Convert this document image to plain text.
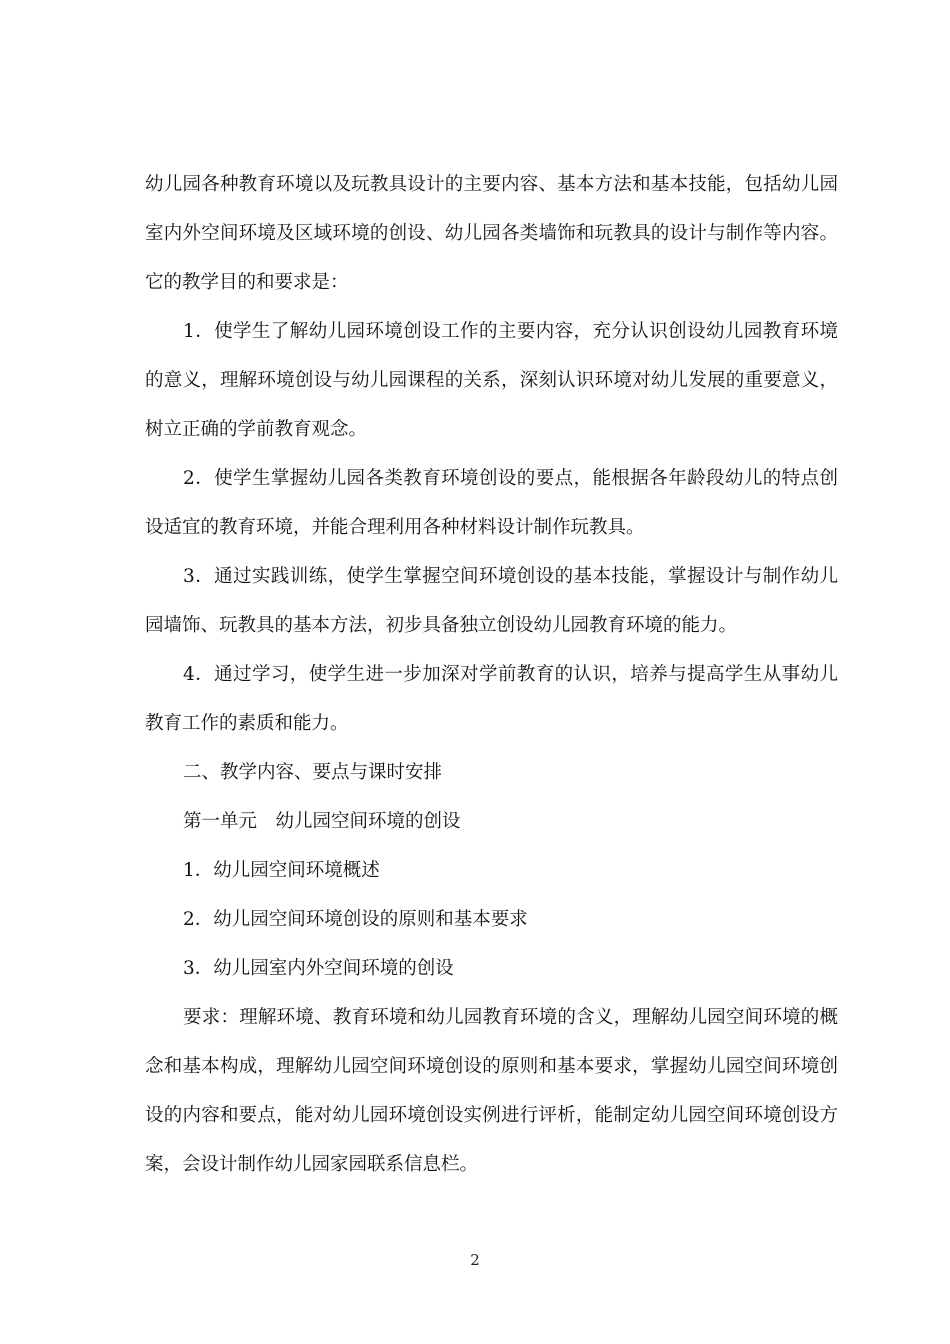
幼儿园各种教育环境以及玩教具设计的主要内容、基本方法和基本技能，包括幼儿园室内外空间环境及区域环境的创设、幼儿园各类墙饰和玩教具的设计与制作等内容。它的教学目的和要求是：

1．使学生了解幼儿园环境创设工作的主要内容，充分认识创设幼儿园教育环境的意义，理解环境创设与幼儿园课程的关系，深刻认识环境对幼儿发展的重要意义，树立正确的学前教育观念。

2．使学生掌握幼儿园各类教育环境创设的要点，能根据各年龄段幼儿的特点创设适宜的教育环境，并能合理利用各种材料设计制作玩教具。

3．通过实践训练，使学生掌握空间环境创设的基本技能，掌握设计与制作幼儿园墙饰、玩教具的基本方法，初步具备独立创设幼儿园教育环境的能力。

4．通过学习，使学生进一步加深对学前教育的认识，培养与提高学生从事幼儿教育工作的素质和能力。

二、教学内容、要点与课时安排

第一单元　幼儿园空间环境的创设

1．幼儿园空间环境概述

2．幼儿园空间环境创设的原则和基本要求

3．幼儿园室内外空间环境的创设

要求：理解环境、教育环境和幼儿园教育环境的含义，理解幼儿园空间环境的概念和基本构成，理解幼儿园空间环境创设的原则和基本要求，掌握幼儿园空间环境创设的内容和要点，能对幼儿园环境创设实例进行评析，能制定幼儿园空间环境创设方案，会设计制作幼儿园家园联系信息栏。

2
